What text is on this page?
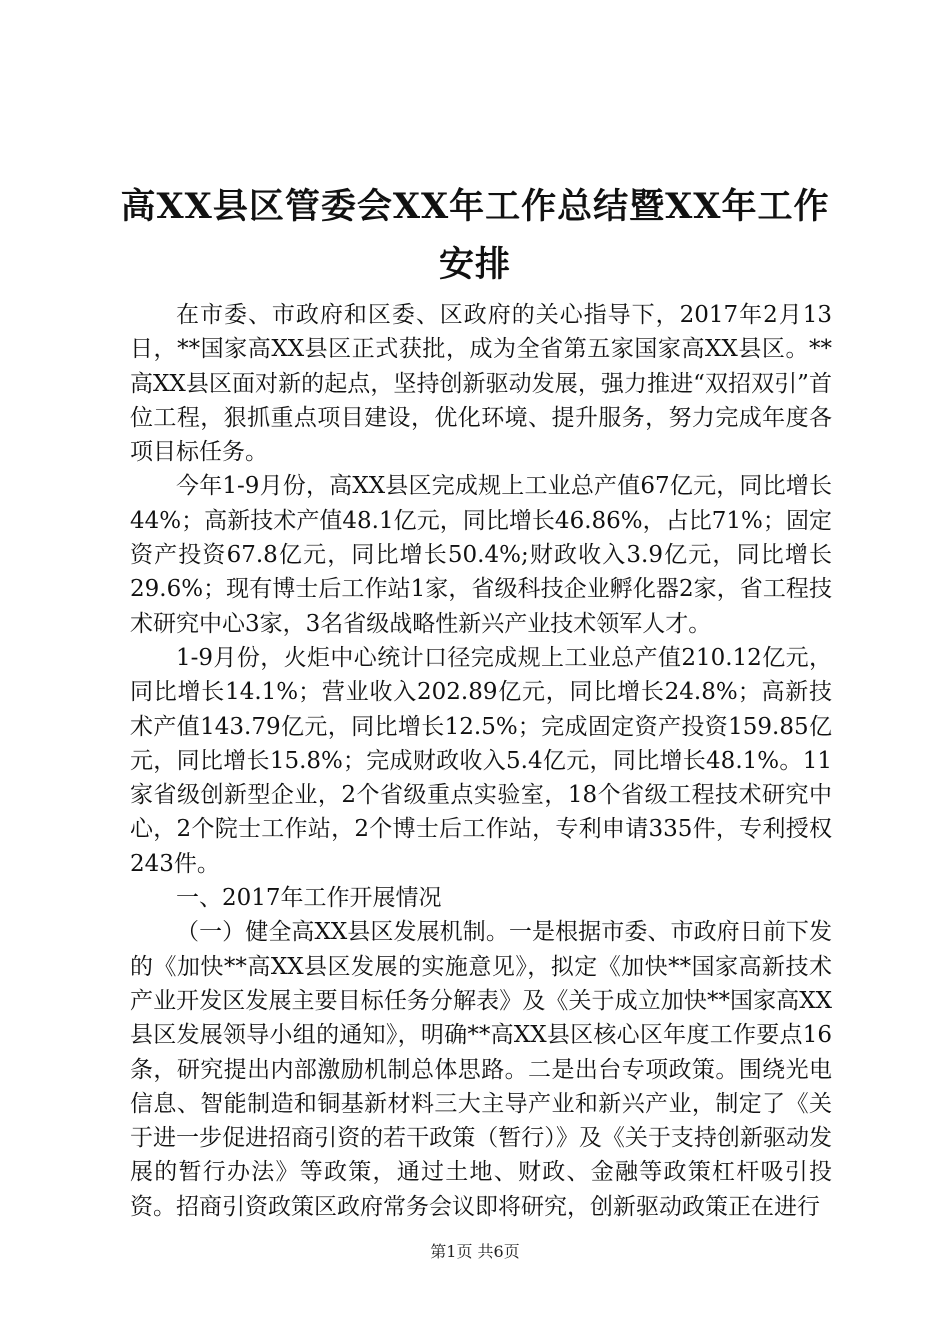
高XX县区管委会XX年工作总结暨XX年工作安排

在市委、市政府和区委、区政府的关心指导下，2017年2月13日，**国家高XX县区正式获批，成为全省第五家国家高XX县区。**高XX县区面对新的起点，坚持创新驱动发展，强力推进“双招双引”首位工程，狠抓重点项目建设，优化环境、提升服务，努力完成年度各项目标任务。

今年1-9月份，高XX县区完成规上工业总产值67亿元，同比增长44%；高新技术产值48.1亿元，同比增长46.86%，占比71%；固定资产投资67.8亿元，同比增长50.4%;财政收入3.9亿元，同比增长29.6%；现有博士后工作站1家，省级科技企业孵化器2家，省工程技术研究中心3家，3名省级战略性新兴产业技术领军人才。

1-9月份，火炬中心统计口径完成规上工业总产值210.12亿元，同比增长14.1%；营业收入202.89亿元，同比增长24.8%；高新技术产值143.79亿元，同比增长12.5%；完成固定资产投资159.85亿元，同比增长15.8%；完成财政收入5.4亿元，同比增长48.1%。11家省级创新型企业，2个省级重点实验室，18个省级工程技术研究中心，2个院士工作站，2个博士后工作站，专利申请335件，专利授权243件。

一、2017年工作开展情况

（一）健全高XX县区发展机制。一是根据市委、市政府日前下发的《加快**高XX县区发展的实施意见》，拟定《加快**国家高新技术产业开发区发展主要目标任务分解表》及《关于成立加快**国家高XX县区发展领导小组的通知》，明确**高XX县区核心区年度工作要点16条，研究提出内部激励机制总体思路。二是出台专项政策。围绕光电信息、智能制造和铜基新材料三大主导产业和新兴产业，制定了《关于进一步促进招商引资的若干政策（暂行）》及《关于支持创新驱动发展的暂行办法》等政策，通过土地、财政、金融等政策杠杆吸引投资。招商引资政策区政府常务会议即将研究，创新驱动政策正在进行

第1页 共6页
